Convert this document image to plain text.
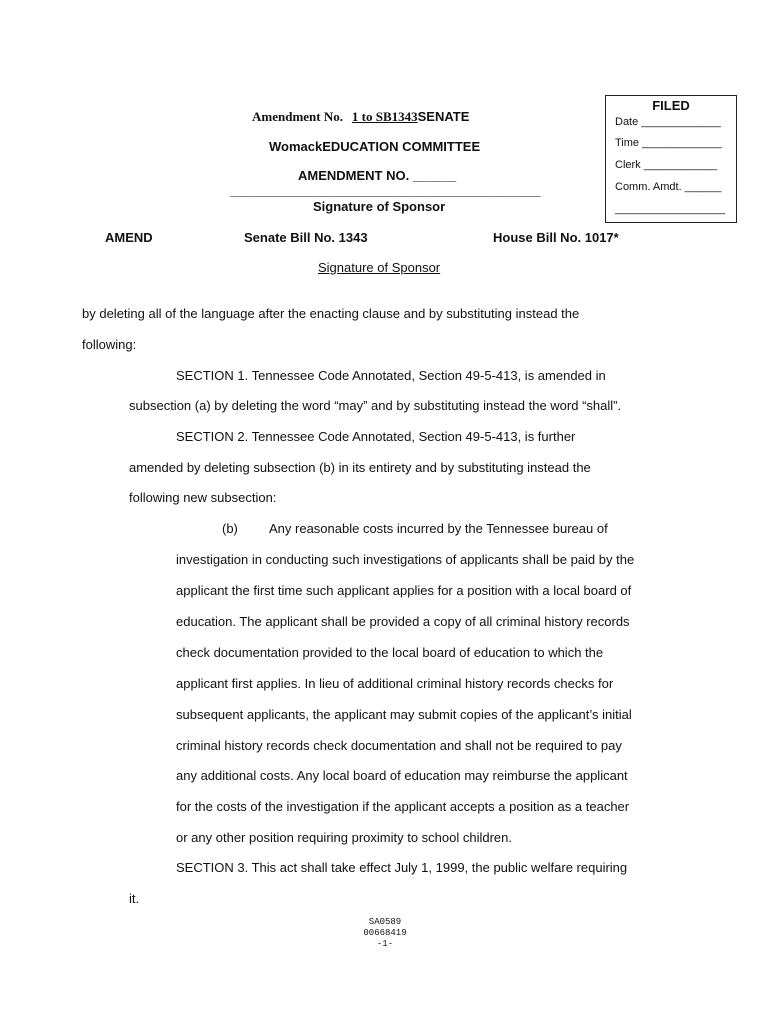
FILED
Date _____________
Time _____________
Clerk ____________
Comm. Amdt. ______
__________________
Amendment No. 1 to SB1343SENATE
WomackEDUCATION COMMITTEE
AMENDMENT NO. ______
___________________________________________
Signature of Sponsor
AMEND	Senate Bill No. 1343	House Bill No. 1017*
Signature of Sponsor
by deleting all of the language after the enacting clause and by substituting instead the
following:
SECTION 1. Tennessee Code Annotated, Section 49-5-413, is amended in
subsection (a) by deleting the word “may” and by substituting instead the word “shall”.
SECTION 2. Tennessee Code Annotated, Section 49-5-413, is further
amended by deleting subsection (b) in its entirety and by substituting instead the
following new subsection:
(b) Any reasonable costs incurred by the Tennessee bureau of
investigation in conducting such investigations of applicants shall be paid by the
applicant the first time such applicant applies for a position with a local board of
education. The applicant shall be provided a copy of all criminal history records
check documentation provided to the local board of education to which the
applicant first applies. In lieu of additional criminal history records checks for
subsequent applicants, the applicant may submit copies of the applicant’s initial
criminal history records check documentation and shall not be required to pay
any additional costs. Any local board of education may reimburse the applicant
for the costs of the investigation if the applicant accepts a position as a teacher
or any other position requiring proximity to school children.
SECTION 3. This act shall take effect July 1, 1999, the public welfare requiring
it.
SA0589
00668419
-1-
